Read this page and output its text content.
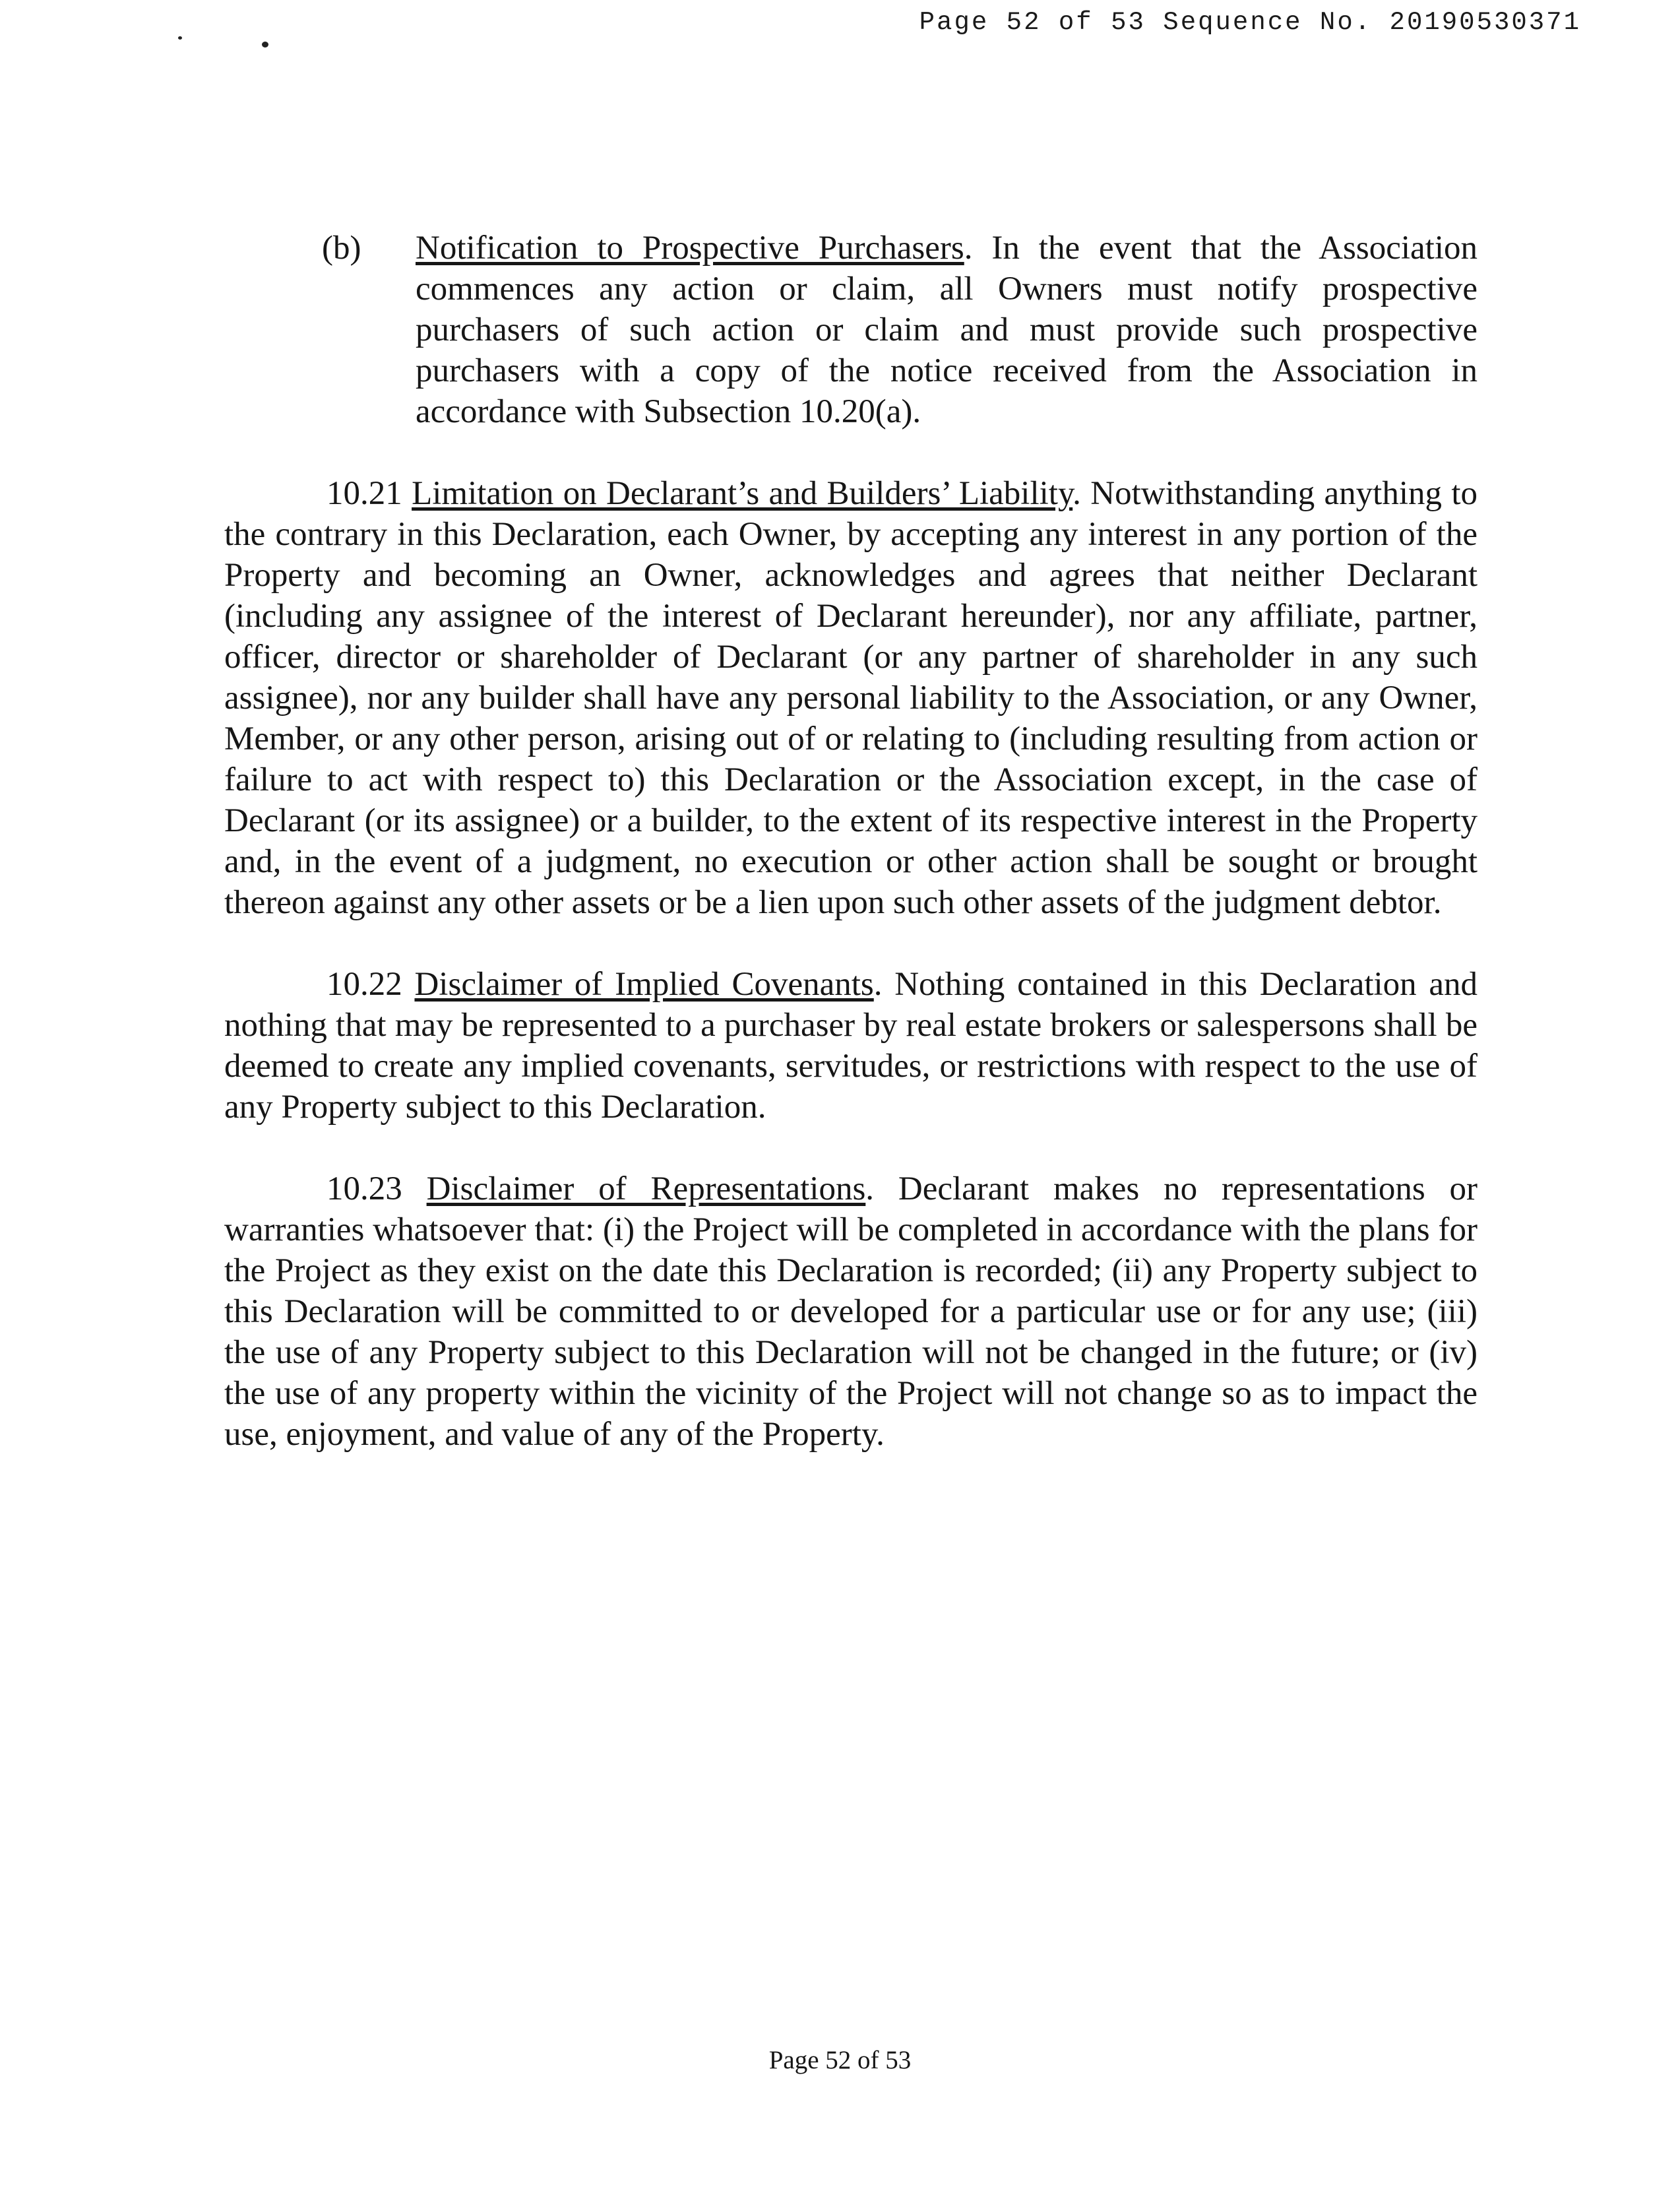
Page 52 of 53 Sequence No. 20190530371
(b) Notification to Prospective Purchasers. In the event that the Association commences any action or claim, all Owners must notify prospective purchasers of such action or claim and must provide such prospective purchasers with a copy of the notice received from the Association in accordance with Subsection 10.20(a).

10.21 Limitation on Declarant’s and Builders’ Liability. Notwithstanding anything to the contrary in this Declaration, each Owner, by accepting any interest in any portion of the Property and becoming an Owner, acknowledges and agrees that neither Declarant (including any assignee of the interest of Declarant hereunder), nor any affiliate, partner, officer, director or shareholder of Declarant (or any partner of shareholder in any such assignee), nor any builder shall have any personal liability to the Association, or any Owner, Member, or any other person, arising out of or relating to (including resulting from action or failure to act with respect to) this Declaration or the Association except, in the case of Declarant (or its assignee) or a builder, to the extent of its respective interest in the Property and, in the event of a judgment, no execution or other action shall be sought or brought thereon against any other assets or be a lien upon such other assets of the judgment debtor.

10.22 Disclaimer of Implied Covenants. Nothing contained in this Declaration and nothing that may be represented to a purchaser by real estate brokers or salespersons shall be deemed to create any implied covenants, servitudes, or restrictions with respect to the use of any Property subject to this Declaration.

10.23 Disclaimer of Representations. Declarant makes no representations or warranties whatsoever that: (i) the Project will be completed in accordance with the plans for the Project as they exist on the date this Declaration is recorded; (ii) any Property subject to this Declaration will be committed to or developed for a particular use or for any use; (iii) the use of any Property subject to this Declaration will not be changed in the future; or (iv) the use of any property within the vicinity of the Project will not change so as to impact the use, enjoyment, and value of any of the Property.

Page 52 of 53
